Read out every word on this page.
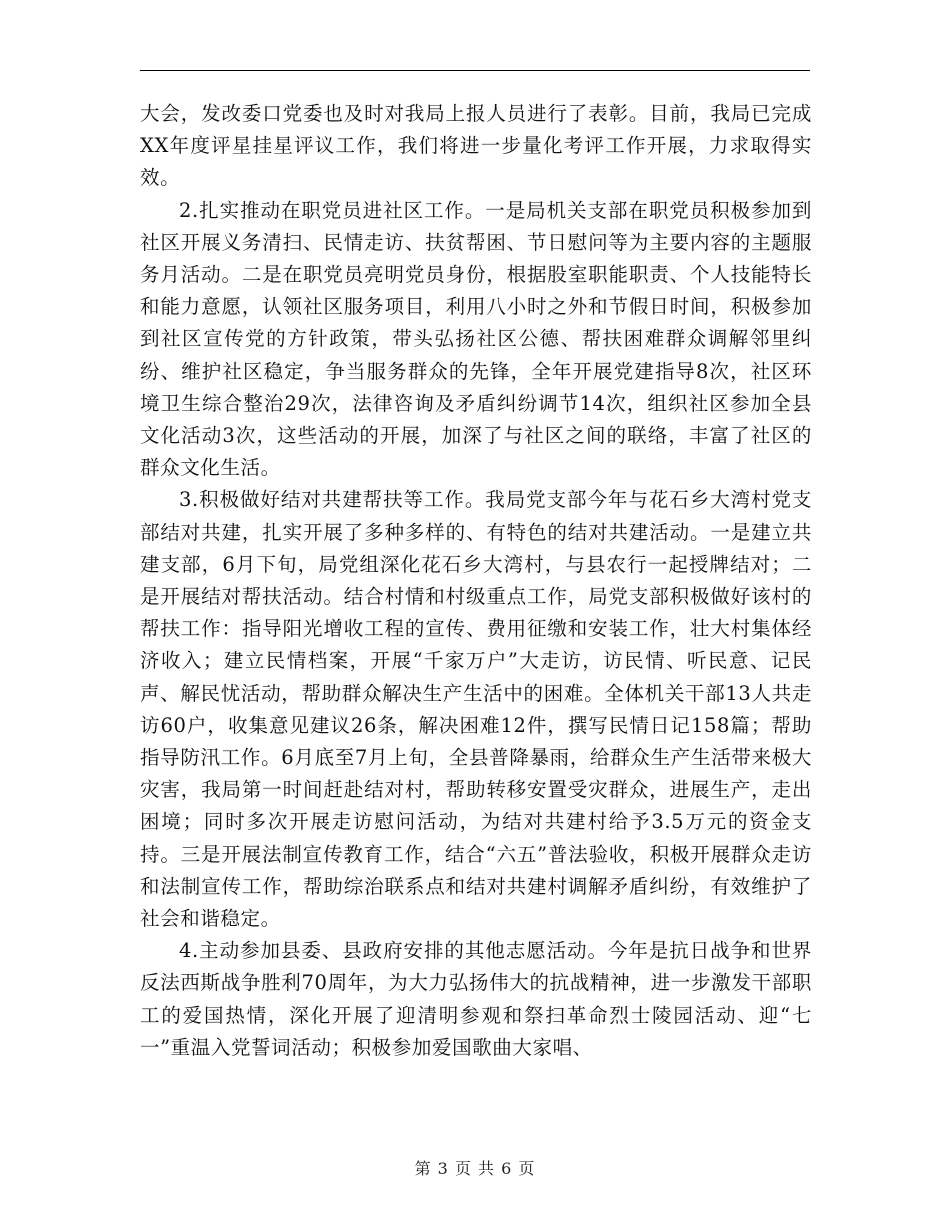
大会，发改委口党委也及时对我局上报人员进行了表彰。目前，我局已完成XX年度评星挂星评议工作，我们将进一步量化考评工作开展，力求取得实效。

2.扎实推动在职党员进社区工作。一是局机关支部在职党员积极参加到社区开展义务清扫、民情走访、扶贫帮困、节日慰问等为主要内容的主题服务月活动。二是在职党员亮明党员身份，根据股室职能职责、个人技能特长和能力意愿，认领社区服务项目，利用八小时之外和节假日时间，积极参加到社区宣传党的方针政策，带头弘扬社区公德、帮扶困难群众调解邻里纠纷、维护社区稳定，争当服务群众的先锋，全年开展党建指导8次，社区环境卫生综合整治29次，法律咨询及矛盾纠纷调节14次，组织社区参加全县文化活动3次，这些活动的开展，加深了与社区之间的联络，丰富了社区的群众文化生活。

3.积极做好结对共建帮扶等工作。我局党支部今年与花石乡大湾村党支部结对共建，扎实开展了多种多样的、有特色的结对共建活动。一是建立共建支部，6月下旬，局党组深化花石乡大湾村，与县农行一起授牌结对；二是开展结对帮扶活动。结合村情和村级重点工作，局党支部积极做好该村的帮扶工作：指导阳光增收工程的宣传、费用征缴和安装工作，壮大村集体经济收入；建立民情档案，开展“千家万户”大走访，访民情、听民意、记民声、解民忧活动，帮助群众解决生产生活中的困难。全体机关干部13人共走访60户，收集意见建议26条，解决困难12件，撰写民情日记158篇；帮助指导防汛工作。6月底至7月上旬，全县普降暴雨，给群众生产生活带来极大灾害，我局第一时间赶赴结对村，帮助转移安置受灾群众，进展生产，走出困境；同时多次开展走访慰问活动，为结对共建村给予3.5万元的资金支持。三是开展法制宣传教育工作，结合“六五”普法验收，积极开展群众走访和法制宣传工作，帮助综治联系点和结对共建村调解矛盾纠纷，有效维护了社会和谐稳定。

4.主动参加县委、县政府安排的其他志愿活动。今年是抗日战争和世界反法西斯战争胜利70周年，为大力弘扬伟大的抗战精神，进一步激发干部职工的爱国热情，深化开展了迎清明参观和祭扫革命烈士陵园活动、迎“七一”重温入党誓词活动；积极参加爱国歌曲大家唱、

第 3 页 共 6 页
